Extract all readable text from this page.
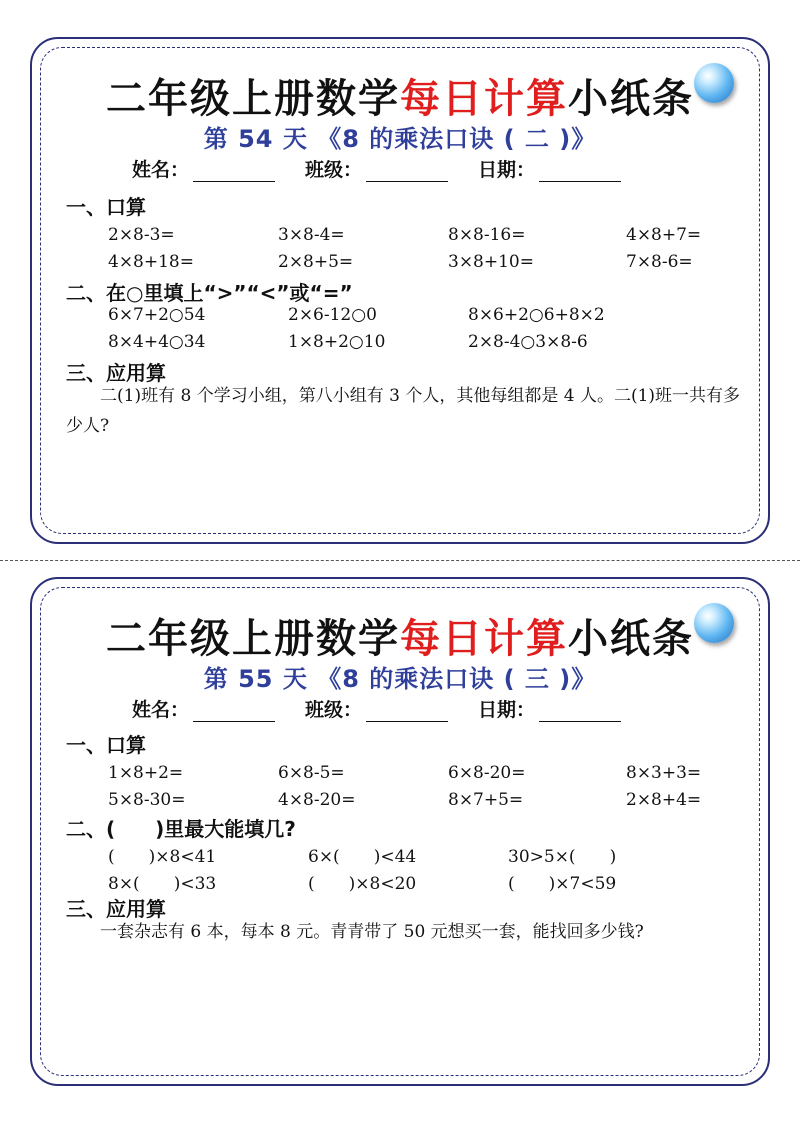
二年级上册数学每日计算小纸条
第 54 天 《8 的乘法口诀 ( 二 )》
姓名：	班级：	日期：
一、口算
2×8-3=	3×8-4=	8×8-16=	4×8+7=
4×8+18=	2×8+5=	3×8+10=	7×8-6=
二、在○里填上“>”“<”或“=”
6×7+2○54	2×6-12○0	8×6+2○6+8×2
8×4+4○34	1×8+2○10	2×8-4○3×8-6
三、应用算
二(1)班有 8 个学习小组，第八小组有 3 个人，其他每组都是 4 人。二(1)班一共有多少人?
二年级上册数学每日计算小纸条
第 55 天 《8 的乘法口诀 ( 三 )》
姓名：	班级：	日期：
一、口算
1×8+2=	6×8-5=	6×8-20=	8×3+3=
5×8-30=	4×8-20=	8×7+5=	2×8+4=
二、(　　)里最大能填几?
(　　)×8<41	6×(　　)<44	30>5×(　　)
8×(　　)<33	(　　)×8<20	(　　)×7<59
三、应用算
一套杂志有 6 本，每本 8 元。青青带了 50 元想买一套，能找回多少钱?
